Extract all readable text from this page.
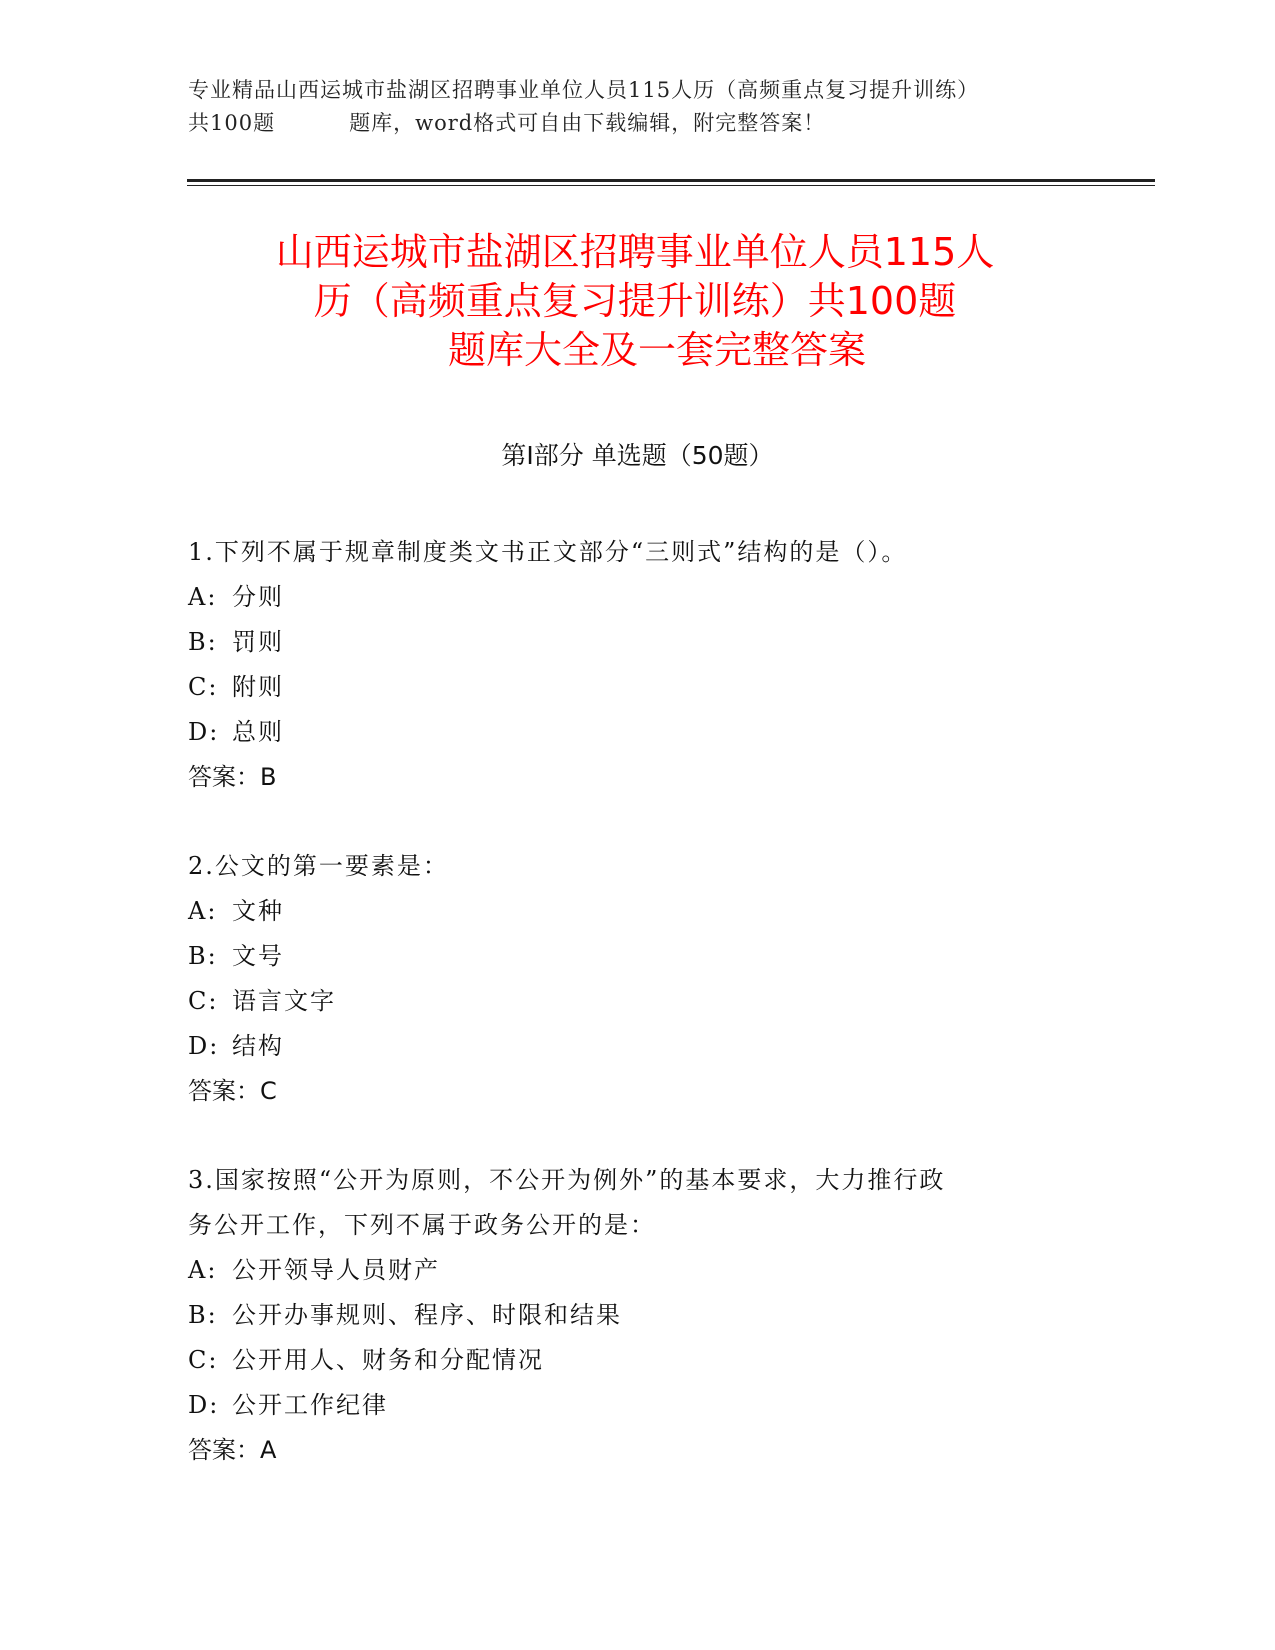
专业精品山西运城市盐湖区招聘事业单位人员115人历（高频重点复习提升训练）
共100题	题库，word格式可自由下载编辑，附完整答案！
山西运城市盐湖区招聘事业单位人员115人
历（高频重点复习提升训练）共100题
题库大全及一套完整答案
第Ⅰ部分 单选题（50题）
1.下列不属于规章制度类文书正文部分“三则式”结构的是（）。
A: 分则
B: 罚则
C: 附则
D: 总则
答案：B
2.公文的第一要素是：
A: 文种
B: 文号
C: 语言文字
D: 结构
答案：C
3.国家按照“公开为原则，不公开为例外”的基本要求，大力推行政
务公开工作，下列不属于政务公开的是：
A: 公开领导人员财产
B: 公开办事规则、程序、时限和结果
C: 公开用人、财务和分配情况
D: 公开工作纪律
答案：A
